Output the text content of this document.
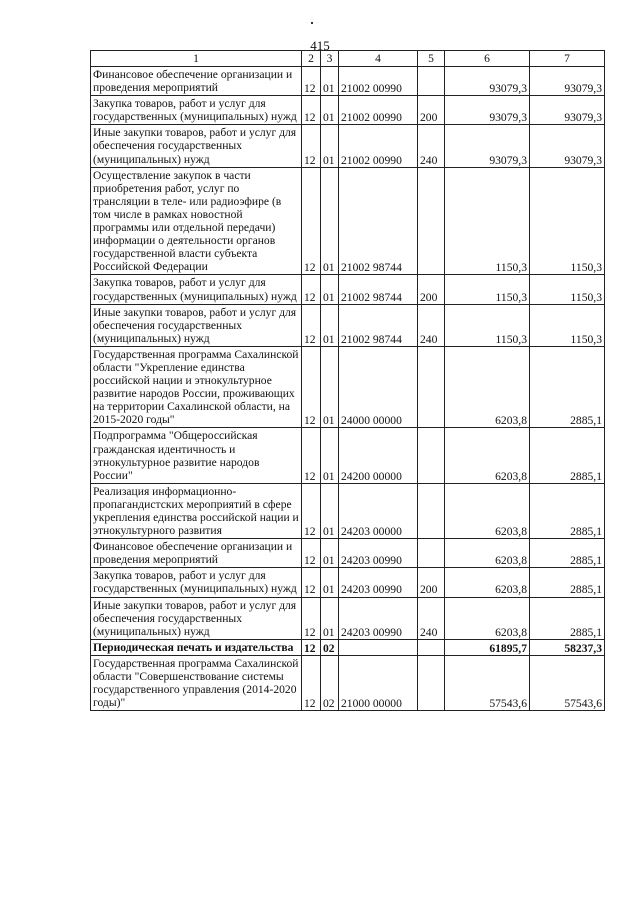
415
1	2	3	4	5	6	7
Финансовое обеспечение организации и проведения мероприятий	12	01	21002 00990		93079,3	93079,3
Закупка товаров, работ и услуг для государственных (муниципальных) нужд	12	01	21002 00990	200	93079,3	93079,3
Иные закупки товаров, работ и услуг для обеспечения государственных (муниципальных) нужд	12	01	21002 00990	240	93079,3	93079,3
Осуществление закупок в части приобретения работ, услуг по трансляции в теле- или радиоэфире (в том числе в рамках новостной программы или отдельной передачи) информации о деятельности органов государственной власти субъекта Российской Федерации	12	01	21002 98744		1150,3	1150,3
Закупка товаров, работ и услуг для государственных (муниципальных) нужд	12	01	21002 98744	200	1150,3	1150,3
Иные закупки товаров, работ и услуг для обеспечения государственных (муниципальных) нужд	12	01	21002 98744	240	1150,3	1150,3
Государственная программа Сахалинской области "Укрепление единства российской нации и этнокультурное развитие народов России, проживающих на территории Сахалинской области, на 2015-2020 годы"	12	01	24000 00000		6203,8	2885,1
Подпрограмма "Общероссийская гражданская идентичность и этнокультурное развитие народов России"	12	01	24200 00000		6203,8	2885,1
Реализация информационно-пропагандистских мероприятий в сфере укрепления единства российской нации и этнокультурного развития	12	01	24203 00000		6203,8	2885,1
Финансовое обеспечение организации и проведения мероприятий	12	01	24203 00990		6203,8	2885,1
Закупка товаров, работ и услуг для государственных (муниципальных) нужд	12	01	24203 00990	200	6203,8	2885,1
Иные закупки товаров, работ и услуг для обеспечения государственных (муниципальных) нужд	12	01	24203 00990	240	6203,8	2885,1
Периодическая печать и издательства	12	02			61895,7	58237,3
Государственная программа Сахалинской области "Совершенствование системы государственного управления (2014-2020 годы)"	12	02	21000 00000		57543,6	57543,6
